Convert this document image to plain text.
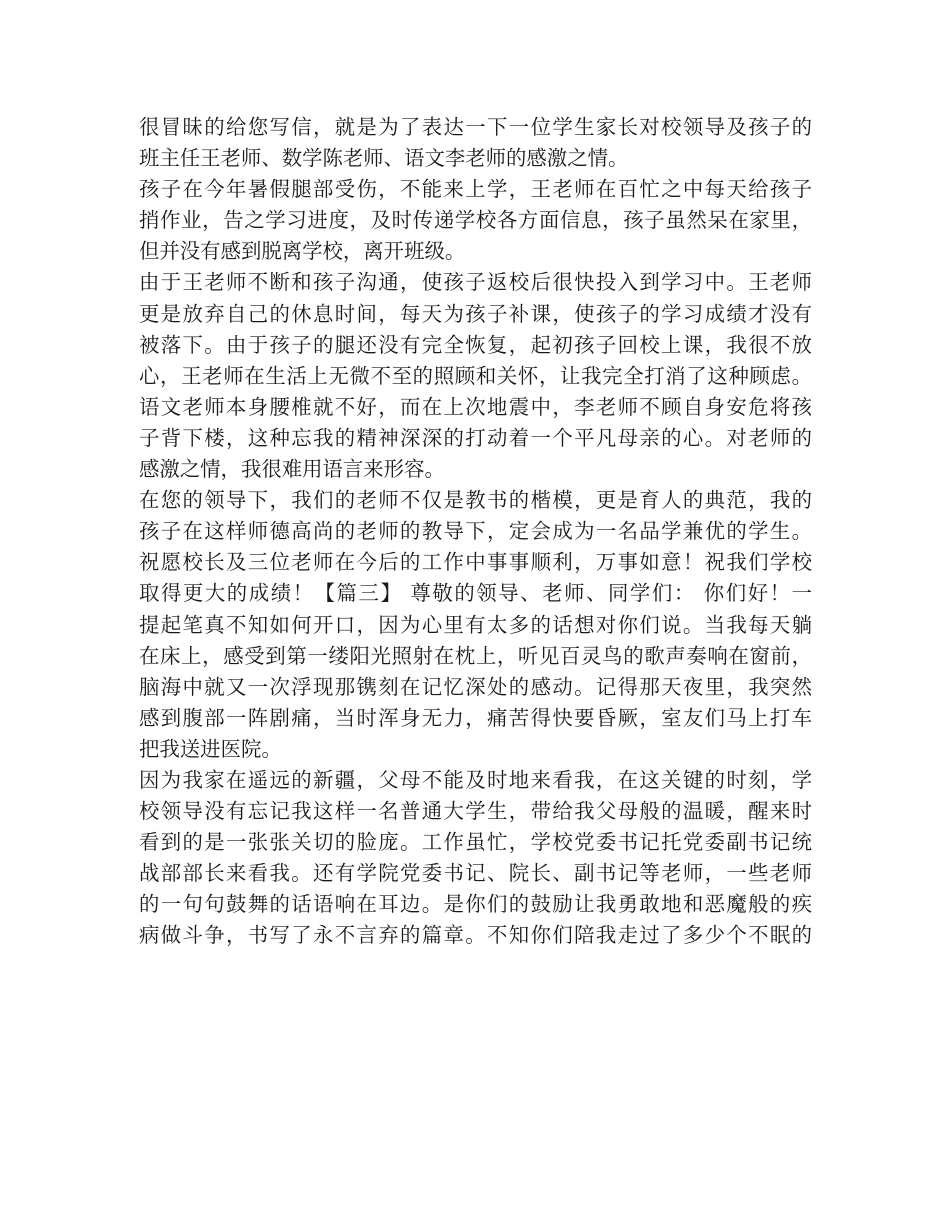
很冒昧的给您写信，就是为了表达一下一位学生家长对校领导及孩子的
班主任王老师、数学陈老师、语文李老师的感激之情。
孩子在今年暑假腿部受伤，不能来上学，王老师在百忙之中每天给孩子
捎作业，告之学习进度，及时传递学校各方面信息，孩子虽然呆在家里，
但并没有感到脱离学校，离开班级。
由于王老师不断和孩子沟通，使孩子返校后很快投入到学习中。王老师
更是放弃自己的休息时间，每天为孩子补课，使孩子的学习成绩才没有
被落下。由于孩子的腿还没有完全恢复，起初孩子回校上课，我很不放
心，王老师在生活上无微不至的照顾和关怀，让我完全打消了这种顾虑。
语文老师本身腰椎就不好，而在上次地震中，李老师不顾自身安危将孩
子背下楼，这种忘我的精神深深的打动着一个平凡母亲的心。对老师的
感激之情，我很难用语言来形容。
在您的领导下，我们的老师不仅是教书的楷模，更是育人的典范，我的
孩子在这样师德高尚的老师的教导下，定会成为一名品学兼优的学生。
祝愿校长及三位老师在今后的工作中事事顺利，万事如意！祝我们学校
取得更大的成绩！【篇三】 尊敬的领导、老师、同学们： 你们好！一
提起笔真不知如何开口，因为心里有太多的话想对你们说。当我每天躺
在床上，感受到第一缕阳光照射在枕上，听见百灵鸟的歌声奏响在窗前，
脑海中就又一次浮现那镌刻在记忆深处的感动。记得那天夜里，我突然
感到腹部一阵剧痛，当时浑身无力，痛苦得快要昏厥，室友们马上打车
把我送进医院。
因为我家在遥远的新疆，父母不能及时地来看我，在这关键的时刻，学
校领导没有忘记我这样一名普通大学生，带给我父母般的温暖，醒来时
看到的是一张张关切的脸庞。工作虽忙，学校党委书记托党委副书记统
战部部长来看我。还有学院党委书记、院长、副书记等老师，一些老师
的一句句鼓舞的话语响在耳边。是你们的鼓励让我勇敢地和恶魔般的疾
病做斗争，书写了永不言弃的篇章。不知你们陪我走过了多少个不眠的
